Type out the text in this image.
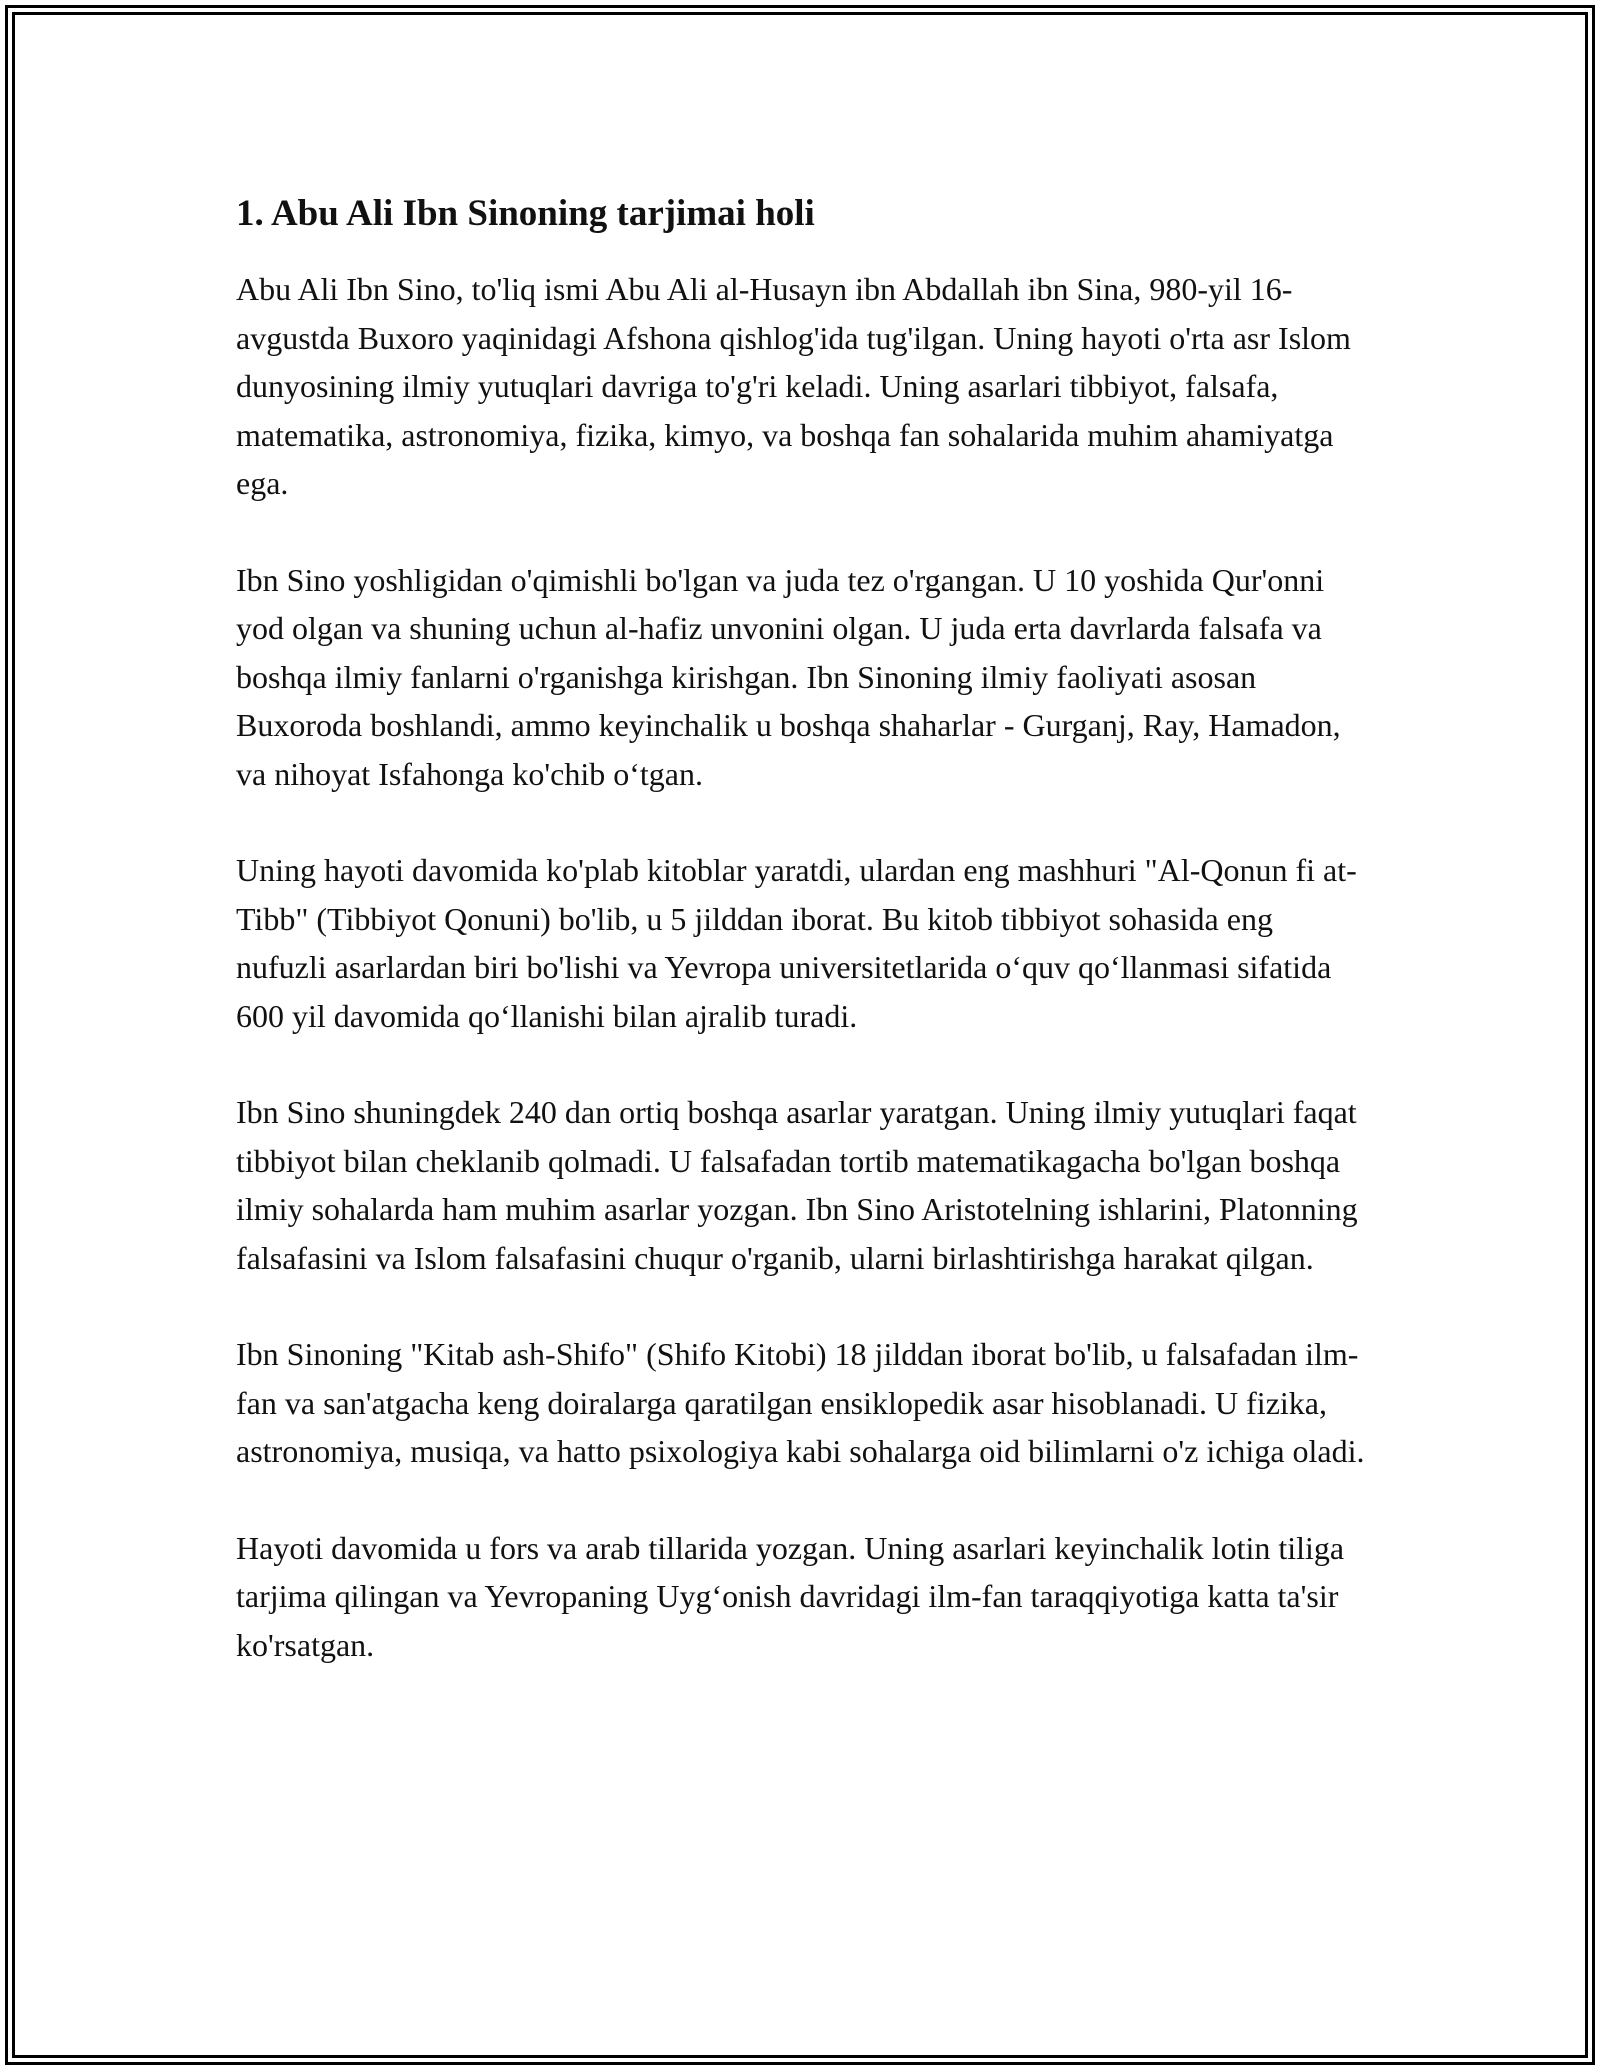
1. Abu Ali Ibn Sinoning tarjimai holi

Abu Ali Ibn Sino, to'liq ismi Abu Ali al-Husayn ibn Abdallah ibn Sina, 980-yil 16-avgustda Buxoro yaqinidagi Afshona qishlog'ida tug'ilgan. Uning hayoti o'rta asr Islom dunyosining ilmiy yutuqlari davriga to'g'ri keladi. Uning asarlari tibbiyot, falsafa, matematika, astronomiya, fizika, kimyo, va boshqa fan sohalarida muhim ahamiyatga ega.

Ibn Sino yoshligidan o'qimishli bo'lgan va juda tez o'rgangan. U 10 yoshida Qur'onni yod olgan va shuning uchun al-hafiz unvonini olgan. U juda erta davrlarda falsafa va boshqa ilmiy fanlarni o'rganishga kirishgan. Ibn Sinoning ilmiy faoliyati asosan Buxoroda boshlandi, ammo keyinchalik u boshqa shaharlar - Gurganj, Ray, Hamadon, va nihoyat Isfahonga ko'chib o‘tgan.

Uning hayoti davomida ko'plab kitoblar yaratdi, ulardan eng mashhuri "Al-Qonun fi at-Tibb" (Tibbiyot Qonuni) bo'lib, u 5 jilddan iborat. Bu kitob tibbiyot sohasida eng nufuzli asarlardan biri bo'lishi va Yevropa universitetlarida o‘quv qo‘llanmasi sifatida 600 yil davomida qo‘llanishi bilan ajralib turadi.

Ibn Sino shuningdek 240 dan ortiq boshqa asarlar yaratgan. Uning ilmiy yutuqlari faqat tibbiyot bilan cheklanib qolmadi. U falsafadan tortib matematikagacha bo'lgan boshqa ilmiy sohalarda ham muhim asarlar yozgan. Ibn Sino Aristotelning ishlarini, Platonning falsafasini va Islom falsafasini chuqur o'rganib, ularni birlashtirishga harakat qilgan.

Ibn Sinoning "Kitab ash-Shifo" (Shifo Kitobi) 18 jilddan iborat bo'lib, u falsafadan ilm-fan va san'atgacha keng doiralarga qaratilgan ensiklopedik asar hisoblanadi. U fizika, astronomiya, musiqa, va hatto psixologiya kabi sohalarga oid bilimlarni o'z ichiga oladi.

Hayoti davomida u fors va arab tillarida yozgan. Uning asarlari keyinchalik lotin tiliga tarjima qilingan va Yevropaning Uyg‘onish davridagi ilm-fan taraqqiyotiga katta ta'sir ko'rsatgan.
